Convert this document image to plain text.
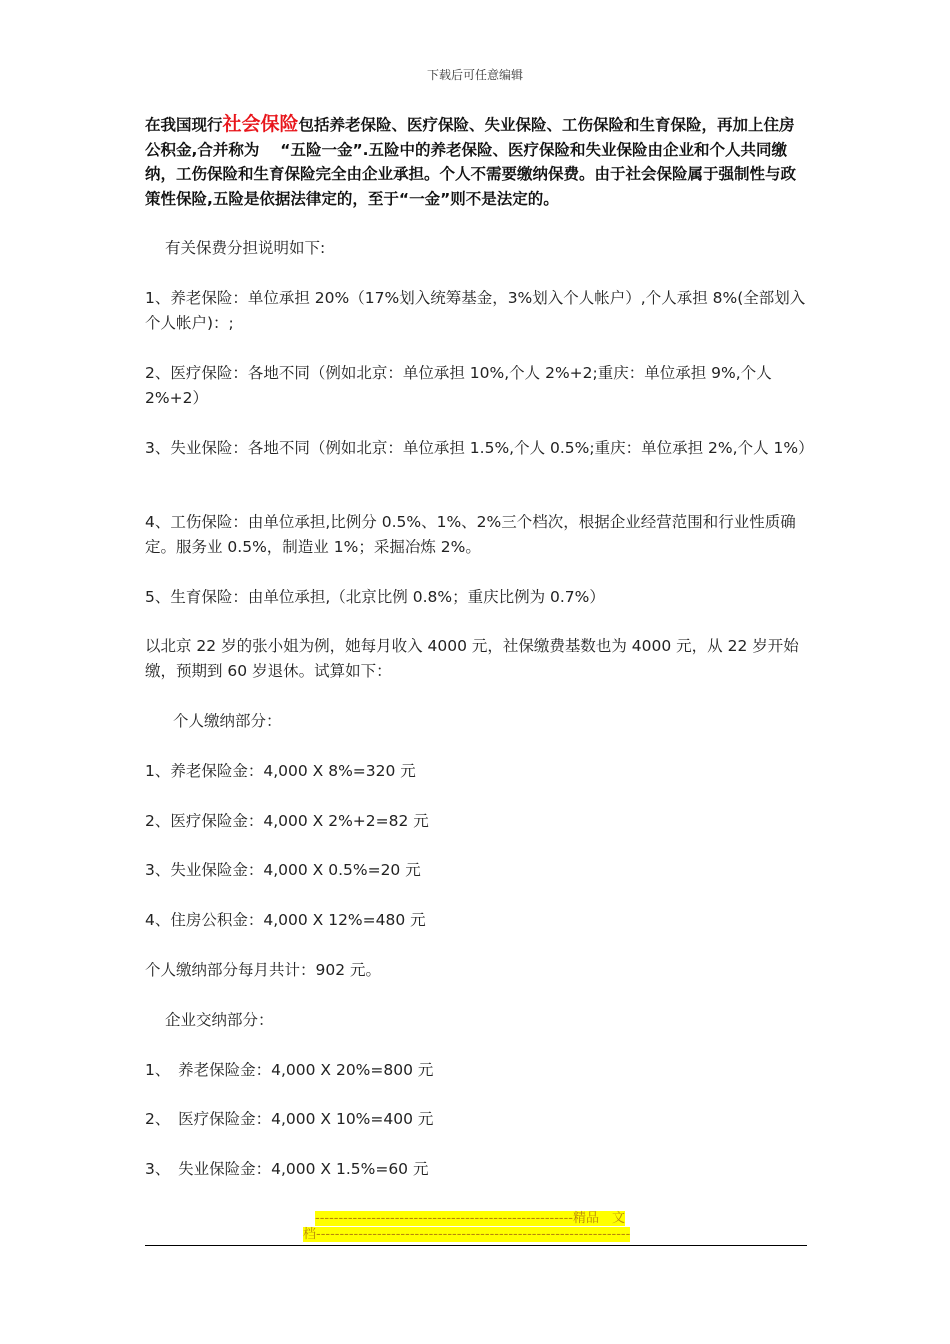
下载后可任意编辑

在我国现行社会保险包括养老保险、医疗保险、失业保险、工伤保险和生育保险，再加上住房公积金,合并称为　 “五险一金”.五险中的养老保险、医疗保险和失业保险由企业和个人共同缴纳，工伤保险和生育保险完全由企业承担。个人不需要缴纳保费。由于社会保险属于强制性与政策性保险,五险是依据法律定的，至于“一金”则不是法定的。

有关保费分担说明如下:

1、养老保险：单位承担 20%（17%划入统筹基金，3%划入个人帐户）,个人承担 8%(全部划入个人帐户)：;

2、医疗保险：各地不同（例如北京：单位承担 10%,个人 2%+2;重庆：单位承担 9%,个人 2%+2）

3、失业保险：各地不同（例如北京：单位承担 1.5%,个人 0.5%;重庆：单位承担 2%,个人 1%）

4、工伤保险：由单位承担,比例分 0.5%、1%、2%三个档次，根据企业经营范围和行业性质确定。服务业 0.5%，制造业 1%；采掘冶炼 2%。

5、生育保险：由单位承担,（北京比例 0.8%；重庆比例为 0.7%）

以北京 22 岁的张小姐为例，她每月收入 4000 元，社保缴费基数也为 4000 元，从 22 岁开始缴，预期到 60 岁退休。试算如下：

个人缴纳部分：

1、养老保险金：4,000 X 8%=320 元

2、医疗保险金：4,000 X 2%+2=82 元

3、失业保险金：4,000 X 0.5%=20 元

4、住房公积金：4,000 X 12%=480 元

个人缴纳部分每月共计：902 元。

企业交纳部分：

1、　养老保险金：4,000 X 20%=800 元

2、　医疗保险金：4,000 X 10%=400 元

3、　失业保险金：4,000 X 1.5%=60 元

-------------------------------------------------------精品　文
档-------------------------------------------------------------------
